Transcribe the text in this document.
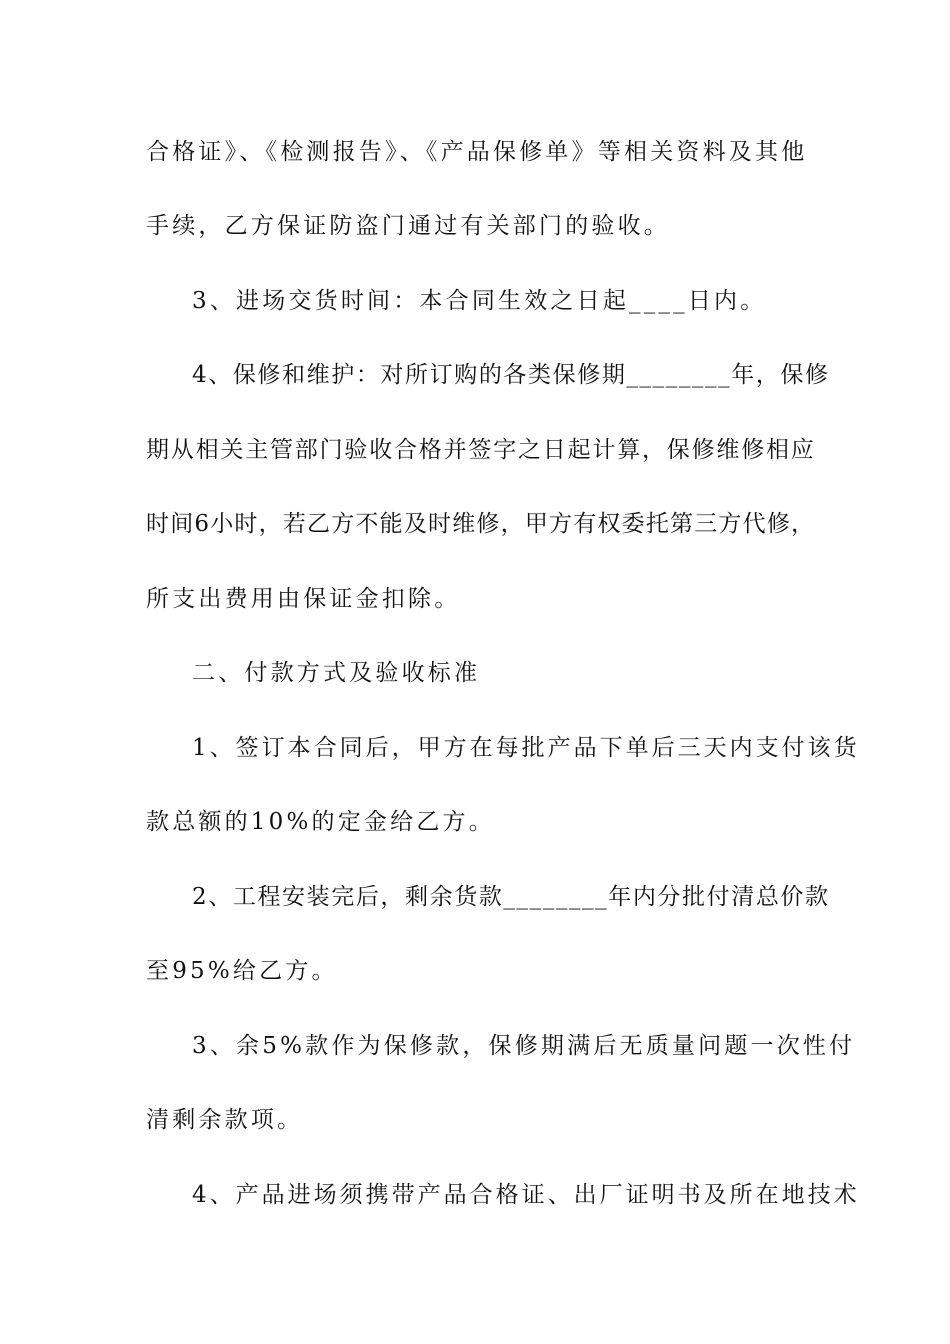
合格证》、《检测报告》、《产品保修单》等相关资料及其他
手续，乙方保证防盗门通过有关部门的验收。
3、进场交货时间：本合同生效之日起____日内。
4、保修和维护：对所订购的各类保修期________年，保修
期从相关主管部门验收合格并签字之日起计算，保修维修相应
时间6小时，若乙方不能及时维修，甲方有权委托第三方代修，
所支出费用由保证金扣除。
二、付款方式及验收标准
1、签订本合同后，甲方在每批产品下单后三天内支付该货
款总额的10%的定金给乙方。
2、工程安装完后，剩余货款________年内分批付清总价款
至95%给乙方。
3、余5%款作为保修款，保修期满后无质量问题一次性付
清剩余款项。
4、产品进场须携带产品合格证、出厂证明书及所在地技术
